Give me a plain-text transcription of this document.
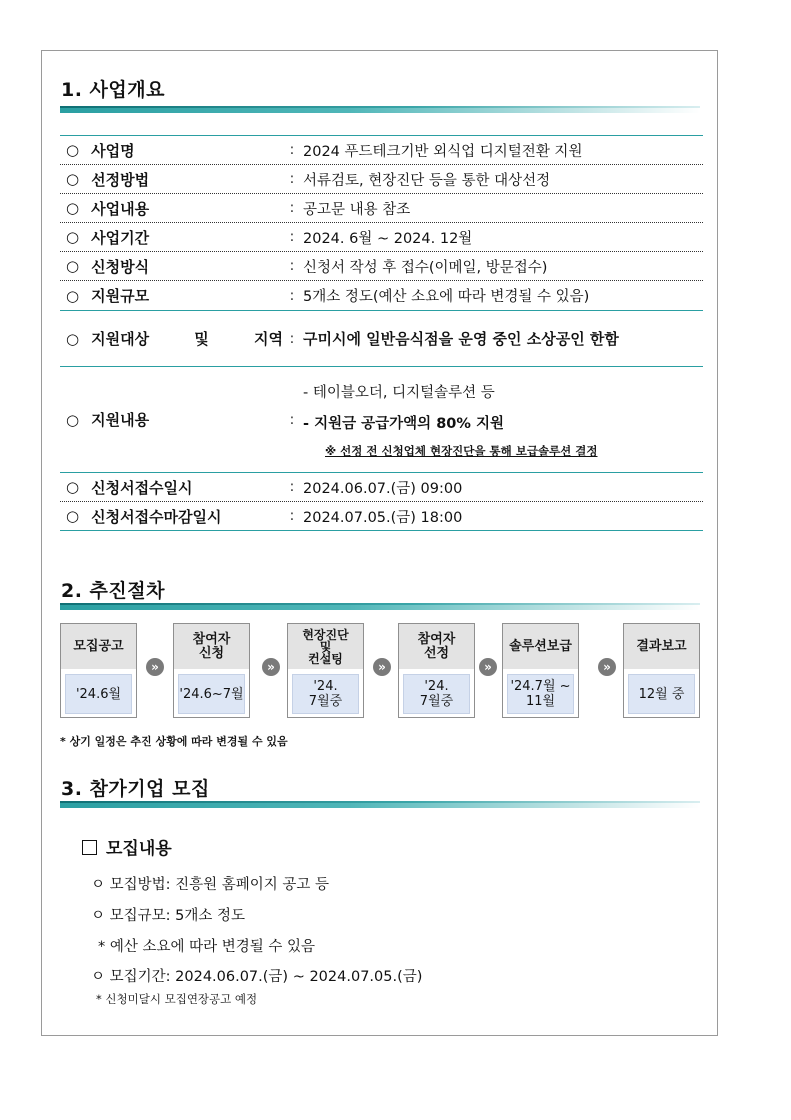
1. 사업개요
○ 사업명	: 2024 푸드테크기반 외식업 디지털전환 지원
○ 선정방법	: 서류검토, 현장진단 등을 통한 대상선정
○ 사업내용	: 공고문 내용 참조
○ 사업기간	: 2024. 6월 ~ 2024. 12월
○ 신청방식	: 신청서 작성 후 접수(이메일, 방문접수)
○ 지원규모	: 5개소 정도(예산 소요에 따라 변경될 수 있음)
○ 지원대상 및 지역 : 구미시에 일반음식점을 운영 중인 소상공인 한함
○ 지원내용	:
- 테이블오더, 디지털솔루션 등
- 지원금 공급가액의 80% 지원
※ 선정 전 신청업체 현장진단을 통해 보급솔루션 결정
○ 신청서접수일시	: 2024.06.07.(금) 09:00
○ 신청서접수마감일시	: 2024.07.05.(금) 18:00
2. 추진절차
모집공고
'24.6월
»
참여자
신청
'24.6~7월
»
현장진단
및
컨설팅
'24.
7월중
»
참여자
선정
'24.
7월중
»
솔루션보급
'24.7월 ~
11월
»
결과보고
12월 중
* 상기 일정은 추진 상황에 따라 변경될 수 있음
3. 참가기업 모집
모집내용
ㅇ 모집방법: 진흥원 홈페이지 공고 등
ㅇ 모집규모: 5개소 정도
* 예산 소요에 따라 변경될 수 있음
ㅇ 모집기간: 2024.06.07.(금) ~ 2024.07.05.(금)
* 신청미달시 모집연장공고 예정
